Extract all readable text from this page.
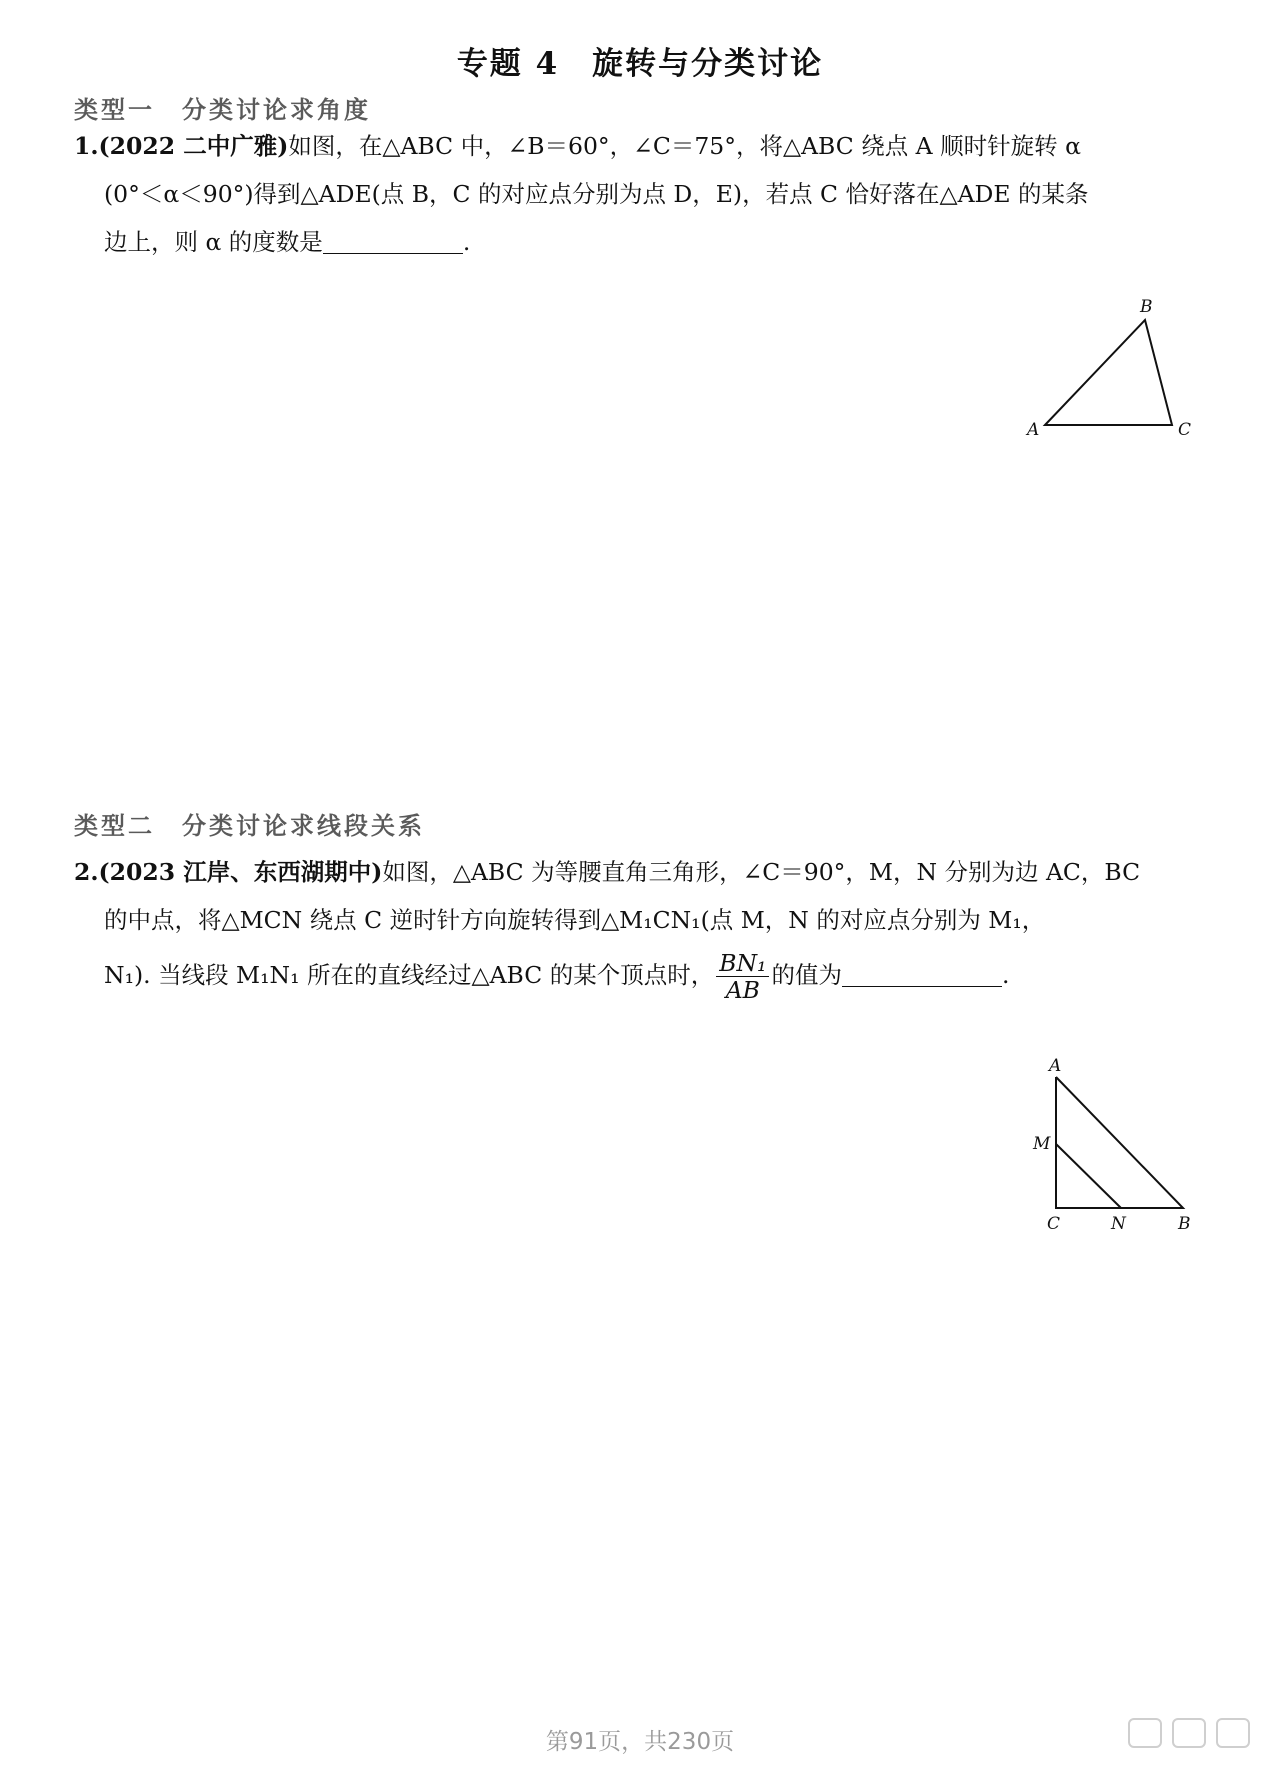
专题 4　旋转与分类讨论
类型一　分类讨论求角度
1.(2022 二中广雅)如图，在△ABC 中，∠B＝60°，∠C＝75°，将△ABC 绕点 A 顺时针旋转 α
(0°＜α＜90°)得到△ADE(点 B，C 的对应点分别为点 D，E)，若点 C 恰好落在△ADE 的某条
边上，则 α 的度数是	.
A
B
C
类型二　分类讨论求线段关系
2.(2023 江岸、东西湖期中)如图，△ABC 为等腰直角三角形，∠C＝90°，M，N 分别为边 AC，BC
的中点，将△MCN 绕点 C 逆时针方向旋转得到△M₁CN₁(点 M，N 的对应点分别为 M₁，
N₁). 当线段 M₁N₁ 所在的直线经过△ABC 的某个顶点时， $\frac{\text{BN₁}}{AB}$ 的值为	.
A
M
C	N	B
第91页，共230页
